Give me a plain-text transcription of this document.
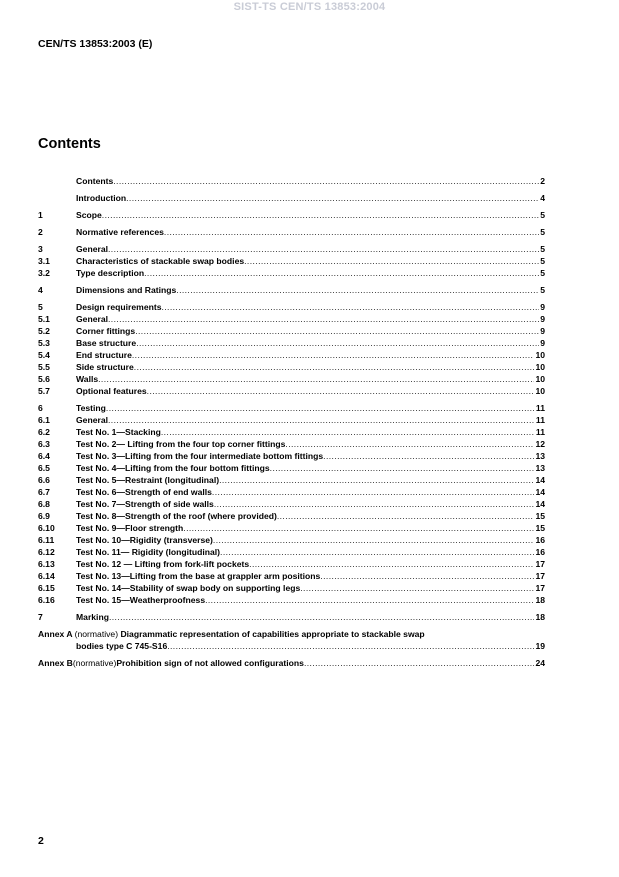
SIST-TS CEN/TS 13853:2004
CEN/TS 13853:2003 (E)
Contents
Contents .....	2
Introduction .....	4
1	Scope .....	5
2	Normative references .....	5
3	General .....	5
3.1	Characteristics of stackable swap bodies .....	5
3.2	Type description .....	5
4	Dimensions and Ratings .....	5
5	Design requirements .....	9
5.1	General .....	9
5.2	Corner fittings .....	9
5.3	Base structure .....	9
5.4	End structure .....	10
5.5	Side structure .....	10
5.6	Walls .....	10
5.7	Optional features .....	10
6	Testing .....	11
6.1	General .....	11
6.2	Test No. 1—Stacking .....	11
6.3	Test No. 2— Lifting from the four top corner fittings .....	12
6.4	Test No. 3—Lifting from the four intermediate bottom fittings .....	13
6.5	Test No. 4—Lifting from the four bottom fittings .....	13
6.6	Test No. 5—Restraint (longitudinal) .....	14
6.7	Test No. 6—Strength of end walls .....	14
6.8	Test No. 7—Strength of side walls .....	14
6.9	Test No. 8—Strength of the roof (where provided) .....	15
6.10	Test No. 9—Floor strength .....	15
6.11	Test No. 10—Rigidity (transverse) .....	16
6.12	Test No. 11— Rigidity (longitudinal) .....	16
6.13	Test No. 12 — Lifting from fork-lift pockets .....	17
6.14	Test No. 13—Lifting from the base at grappler arm positions .....	17
6.15	Test No. 14—Stability of swap body on supporting legs .....	17
6.16	Test No. 15—Weatherproofness .....	18
7	Marking .....	18
Annex A (normative) Diagrammatic representation of capabilities appropriate to stackable swap
bodies type C 745-S16 .....	19
Annex B (normative) Prohibition sign of not allowed configurations .....	24
2
